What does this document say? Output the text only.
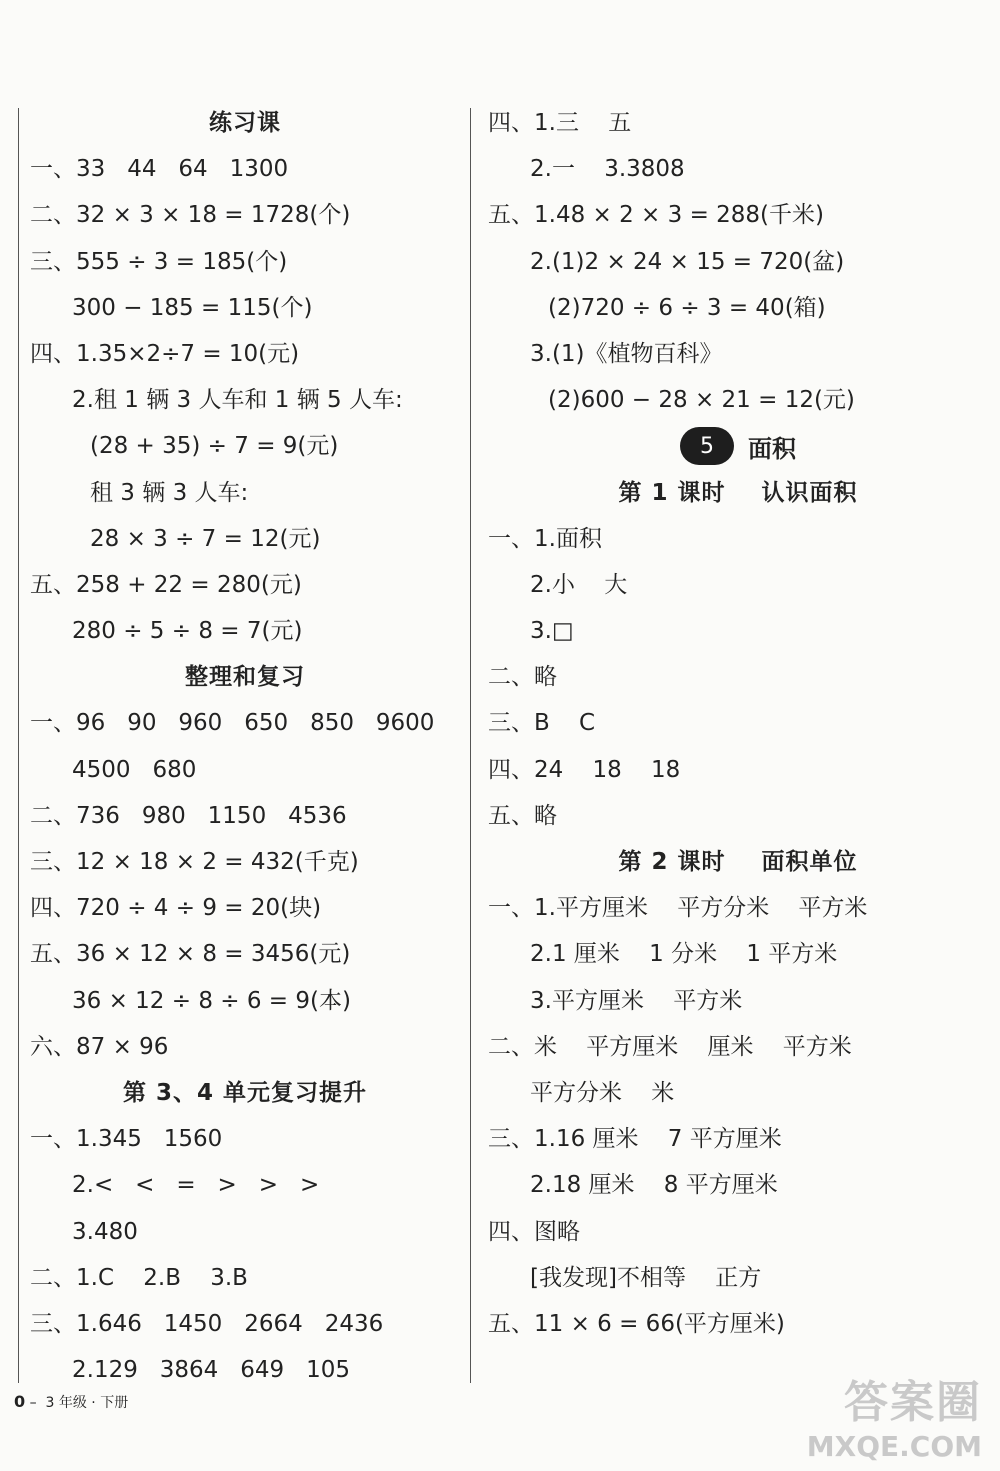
练习课
一、33   44   64   1300
二、32 × 3 × 18 = 1728(个)
三、555 ÷ 3 = 185(个)
300 − 185 = 115(个)
四、1.35×2÷7 = 10(元)
2.租 1 辆 3 人车和 1 辆 5 人车:
(28 + 35) ÷ 7 = 9(元)
租 3 辆 3 人车:
28 × 3 ÷ 7 = 12(元)
五、258 + 22 = 280(元)
280 ÷ 5 ÷ 8 = 7(元)
整理和复习
一、96   90   960   650   850   9600
4500   680
二、736   980   1150   4536
三、12 × 18 × 2 = 432(千克)
四、720 ÷ 4 ÷ 9 = 20(块)
五、36 × 12 × 8 = 3456(元)
36 × 12 ÷ 8 ÷ 6 = 9(本)
六、87 × 96
第 3、4 单元复习提升
一、1.345   1560
2.<   <   =   >   >   >
3.480
二、1.C    2.B    3.B
三、1.646   1450   2664   2436
2.129   3864   649   105
四、1.三    五
2.一    3.3808
五、1.48 × 2 × 3 = 288(千米)
2.(1)2 × 24 × 15 = 720(盆)
(2)720 ÷ 6 ÷ 3 = 40(箱)
3.(1)《植物百科》
(2)600 − 28 × 21 = 12(元)
5	面积
第 1 课时    认识面积
一、1.面积
2.小    大
3.□
二、略
三、B    C
四、24    18    18
五、略
第 2 课时    面积单位
一、1.平方厘米    平方分米    平方米
2.1 厘米    1 分米    1 平方米
3.平方厘米    平方米
二、米    平方厘米    厘米    平方米
平方分米    米
三、1.16 厘米    7 平方厘米
2.18 厘米    8 平方厘米
四、图略
[我发现]不相等    正方
五、11 × 6 = 66(平方厘米)
0 –  3 年级 · 下册	答案圈
MXQE.COM
